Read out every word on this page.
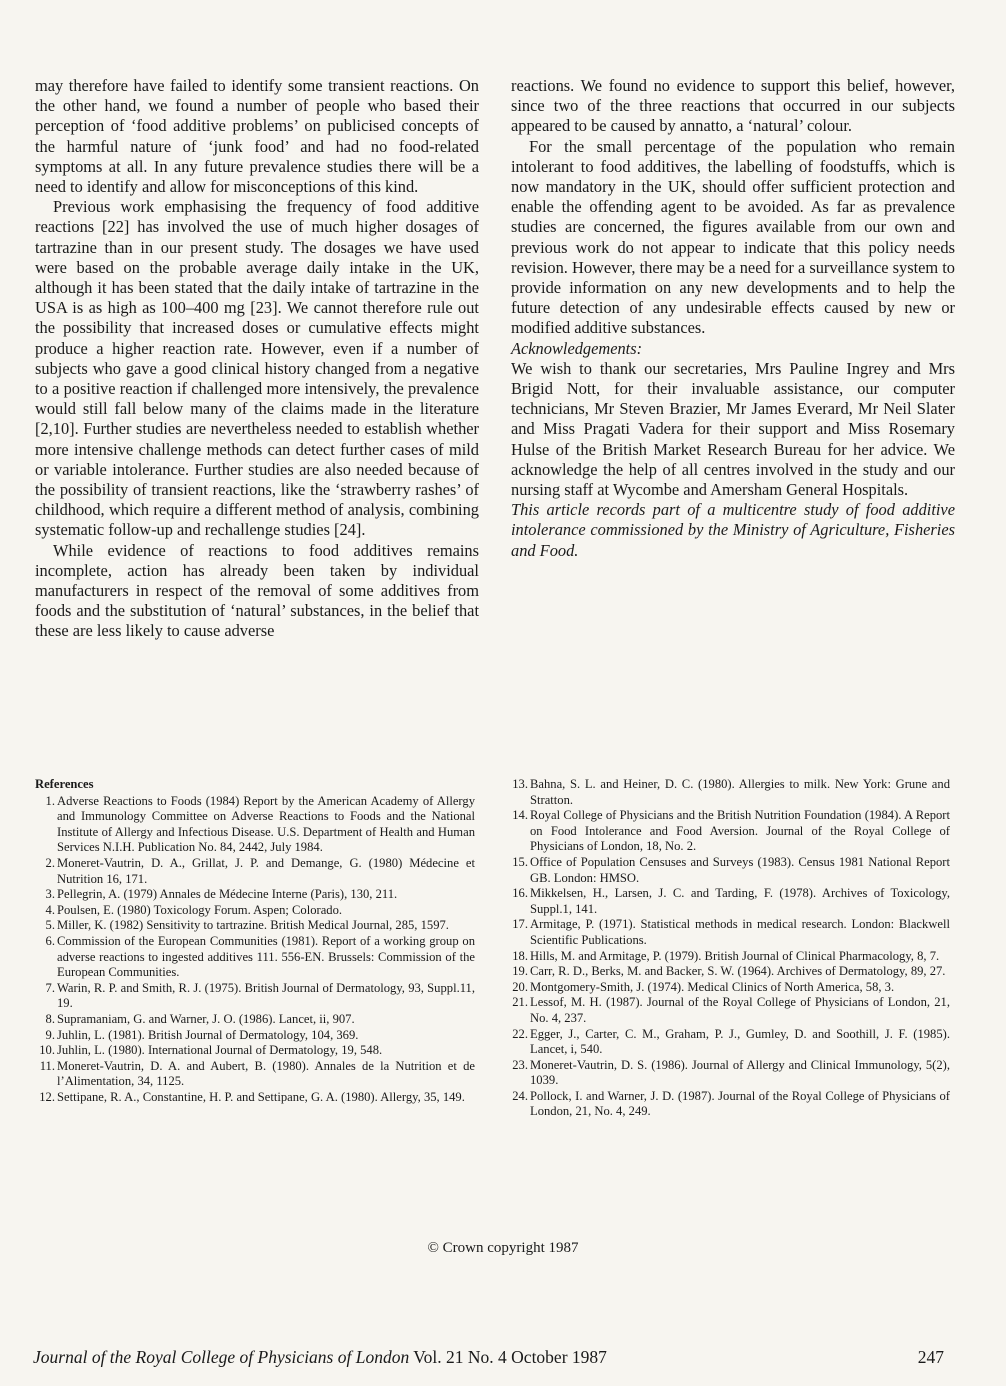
may therefore have failed to identify some transient reactions. On the other hand, we found a number of people who based their perception of ‘food additive problems’ on publicised concepts of the harmful nature of ‘junk food’ and had no food-related symptoms at all. In any future prevalence studies there will be a need to identify and allow for misconceptions of this kind.

Previous work emphasising the frequency of food additive reactions [22] has involved the use of much higher dosages of tartrazine than in our present study. The dosages we have used were based on the probable average daily intake in the UK, although it has been stated that the daily intake of tartrazine in the USA is as high as 100–400 mg [23]. We cannot therefore rule out the possibility that increased doses or cumulative effects might produce a higher reaction rate. However, even if a number of subjects who gave a good clinical history changed from a negative to a positive reaction if challenged more intensively, the prevalence would still fall below many of the claims made in the literature [2,10]. Further studies are nevertheless needed to establish whether more intensive challenge methods can detect further cases of mild or variable intolerance. Further studies are also needed because of the possibility of transient reactions, like the ‘strawberry rashes’ of childhood, which require a different method of analysis, combining systematic follow-up and rechallenge studies [24].

While evidence of reactions to food additives remains incomplete, action has already been taken by individual manufacturers in respect of the removal of some additives from foods and the substitution of ‘natural’ substances, in the belief that these are less likely to cause adverse

reactions. We found no evidence to support this belief, however, since two of the three reactions that occurred in our subjects appeared to be caused by annatto, a ‘natural’ colour.

For the small percentage of the population who remain intolerant to food additives, the labelling of foodstuffs, which is now mandatory in the UK, should offer sufficient protection and enable the offending agent to be avoided. As far as prevalence studies are concerned, the figures available from our own and previous work do not appear to indicate that this policy needs revision. However, there may be a need for a surveillance system to provide information on any new developments and to help the future detection of any undesirable effects caused by new or modified additive substances.

Acknowledgements:

We wish to thank our secretaries, Mrs Pauline Ingrey and Mrs Brigid Nott, for their invaluable assistance, our computer technicians, Mr Steven Brazier, Mr James Everard, Mr Neil Slater and Miss Pragati Vadera for their support and Miss Rosemary Hulse of the British Market Research Bureau for her advice. We acknowledge the help of all centres involved in the study and our nursing staff at Wycombe and Amersham General Hospitals.

This article records part of a multicentre study of food additive intolerance commissioned by the Ministry of Agriculture, Fisheries and Food.

References
1. Adverse Reactions to Foods (1984) Report by the American Academy of Allergy and Immunology Committee on Adverse Reactions to Foods and the National Institute of Allergy and Infectious Disease. U.S. Department of Health and Human Services N.I.H. Publication No. 84, 2442, July 1984.
2. Moneret-Vautrin, D. A., Grillat, J. P. and Demange, G. (1980) Médecine et Nutrition 16, 171.
3. Pellegrin, A. (1979) Annales de Médecine Interne (Paris), 130, 211.
4. Poulsen, E. (1980) Toxicology Forum. Aspen; Colorado.
5. Miller, K. (1982) Sensitivity to tartrazine. British Medical Journal, 285, 1597.
6. Commission of the European Communities (1981). Report of a working group on adverse reactions to ingested additives 111. 556-EN. Brussels: Commission of the European Communities.
7. Warin, R. P. and Smith, R. J. (1975). British Journal of Dermatology, 93, Suppl.11, 19.
8. Supramaniam, G. and Warner, J. O. (1986). Lancet, ii, 907.
9. Juhlin, L. (1981). British Journal of Dermatology, 104, 369.
10. Juhlin, L. (1980). International Journal of Dermatology, 19, 548.
11. Moneret-Vautrin, D. A. and Aubert, B. (1980). Annales de la Nutrition et de l’Alimentation, 34, 1125.
12. Settipane, R. A., Constantine, H. P. and Settipane, G. A. (1980). Allergy, 35, 149.
13. Bahna, S. L. and Heiner, D. C. (1980). Allergies to milk. New York: Grune and Stratton.
14. Royal College of Physicians and the British Nutrition Foundation (1984). A Report on Food Intolerance and Food Aversion. Journal of the Royal College of Physicians of London, 18, No. 2.
15. Office of Population Censuses and Surveys (1983). Census 1981 National Report GB. London: HMSO.
16. Mikkelsen, H., Larsen, J. C. and Tarding, F. (1978). Archives of Toxicology, Suppl.1, 141.
17. Armitage, P. (1971). Statistical methods in medical research. London: Blackwell Scientific Publications.
18. Hills, M. and Armitage, P. (1979). British Journal of Clinical Pharmacology, 8, 7.
19. Carr, R. D., Berks, M. and Backer, S. W. (1964). Archives of Dermatology, 89, 27.
20. Montgomery-Smith, J. (1974). Medical Clinics of North America, 58, 3.
21. Lessof, M. H. (1987). Journal of the Royal College of Physicians of London, 21, No. 4, 237.
22. Egger, J., Carter, C. M., Graham, P. J., Gumley, D. and Soothill, J. F. (1985). Lancet, i, 540.
23. Moneret-Vautrin, D. S. (1986). Journal of Allergy and Clinical Immunology, 5(2), 1039.
24. Pollock, I. and Warner, J. D. (1987). Journal of the Royal College of Physicians of London, 21, No. 4, 249.
© Crown copyright 1987
Journal of the Royal College of Physicians of London Vol. 21 No. 4 October 1987	247
